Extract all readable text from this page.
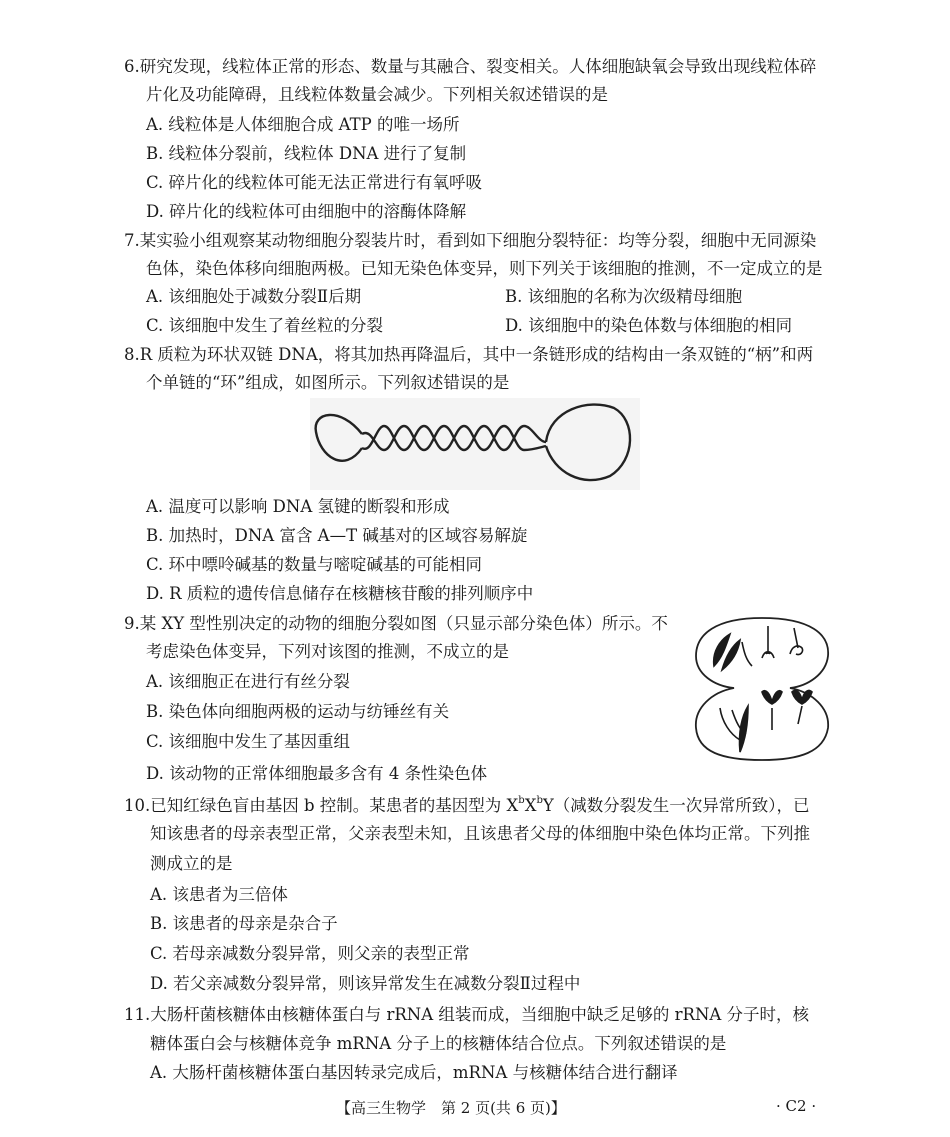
6.研究发现，线粒体正常的形态、数量与其融合、裂变相关。人体细胞缺氧会导致出现线粒体碎
片化及功能障碍，且线粒体数量会减少。下列相关叙述错误的是
A. 线粒体是人体细胞合成 ATP 的唯一场所
B. 线粒体分裂前，线粒体 DNA 进行了复制
C. 碎片化的线粒体可能无法正常进行有氧呼吸
D. 碎片化的线粒体可由细胞中的溶酶体降解
7.某实验小组观察某动物细胞分裂装片时，看到如下细胞分裂特征：均等分裂，细胞中无同源染
色体，染色体移向细胞两极。已知无染色体变异，则下列关于该细胞的推测，不一定成立的是
A. 该细胞处于减数分裂Ⅱ后期	B. 该细胞的名称为次级精母细胞
C. 该细胞中发生了着丝粒的分裂	D. 该细胞中的染色体数与体细胞的相同
8.R 质粒为环状双链 DNA，将其加热再降温后，其中一条链形成的结构由一条双链的“柄”和两
个单链的“环”组成，如图所示。下列叙述错误的是
A. 温度可以影响 DNA 氢键的断裂和形成
B. 加热时，DNA 富含 A—T 碱基对的区域容易解旋
C. 环中嘌呤碱基的数量与嘧啶碱基的可能相同
D. R 质粒的遗传信息储存在核糖核苷酸的排列顺序中
9.某 XY 型性别决定的动物的细胞分裂如图（只显示部分染色体）所示。不
考虑染色体变异，下列对该图的推测，不成立的是
A. 该细胞正在进行有丝分裂
B. 染色体向细胞两极的运动与纺锤丝有关
C. 该细胞中发生了基因重组
D. 该动物的正常体细胞最多含有 4 条性染色体
10.已知红绿色盲由基因 b 控制。某患者的基因型为 $X^bX^bY$（减数分裂发生一次异常所致），已
知该患者的母亲表型正常，父亲表型未知，且该患者父母的体细胞中染色体均正常。下列推
测成立的是
A. 该患者为三倍体
B. 该患者的母亲是杂合子
C. 若母亲减数分裂异常，则父亲的表型正常
D. 若父亲减数分裂异常，则该异常发生在减数分裂Ⅱ过程中
11.大肠杆菌核糖体由核糖体蛋白与 rRNA 组装而成，当细胞中缺乏足够的 rRNA 分子时，核
糖体蛋白会与核糖体竞争 mRNA 分子上的核糖体结合位点。下列叙述错误的是
A. 大肠杆菌核糖体蛋白基因转录完成后，mRNA 与核糖体结合进行翻译
【高三生物学　第 2 页(共 6 页)】	· C2 ·
